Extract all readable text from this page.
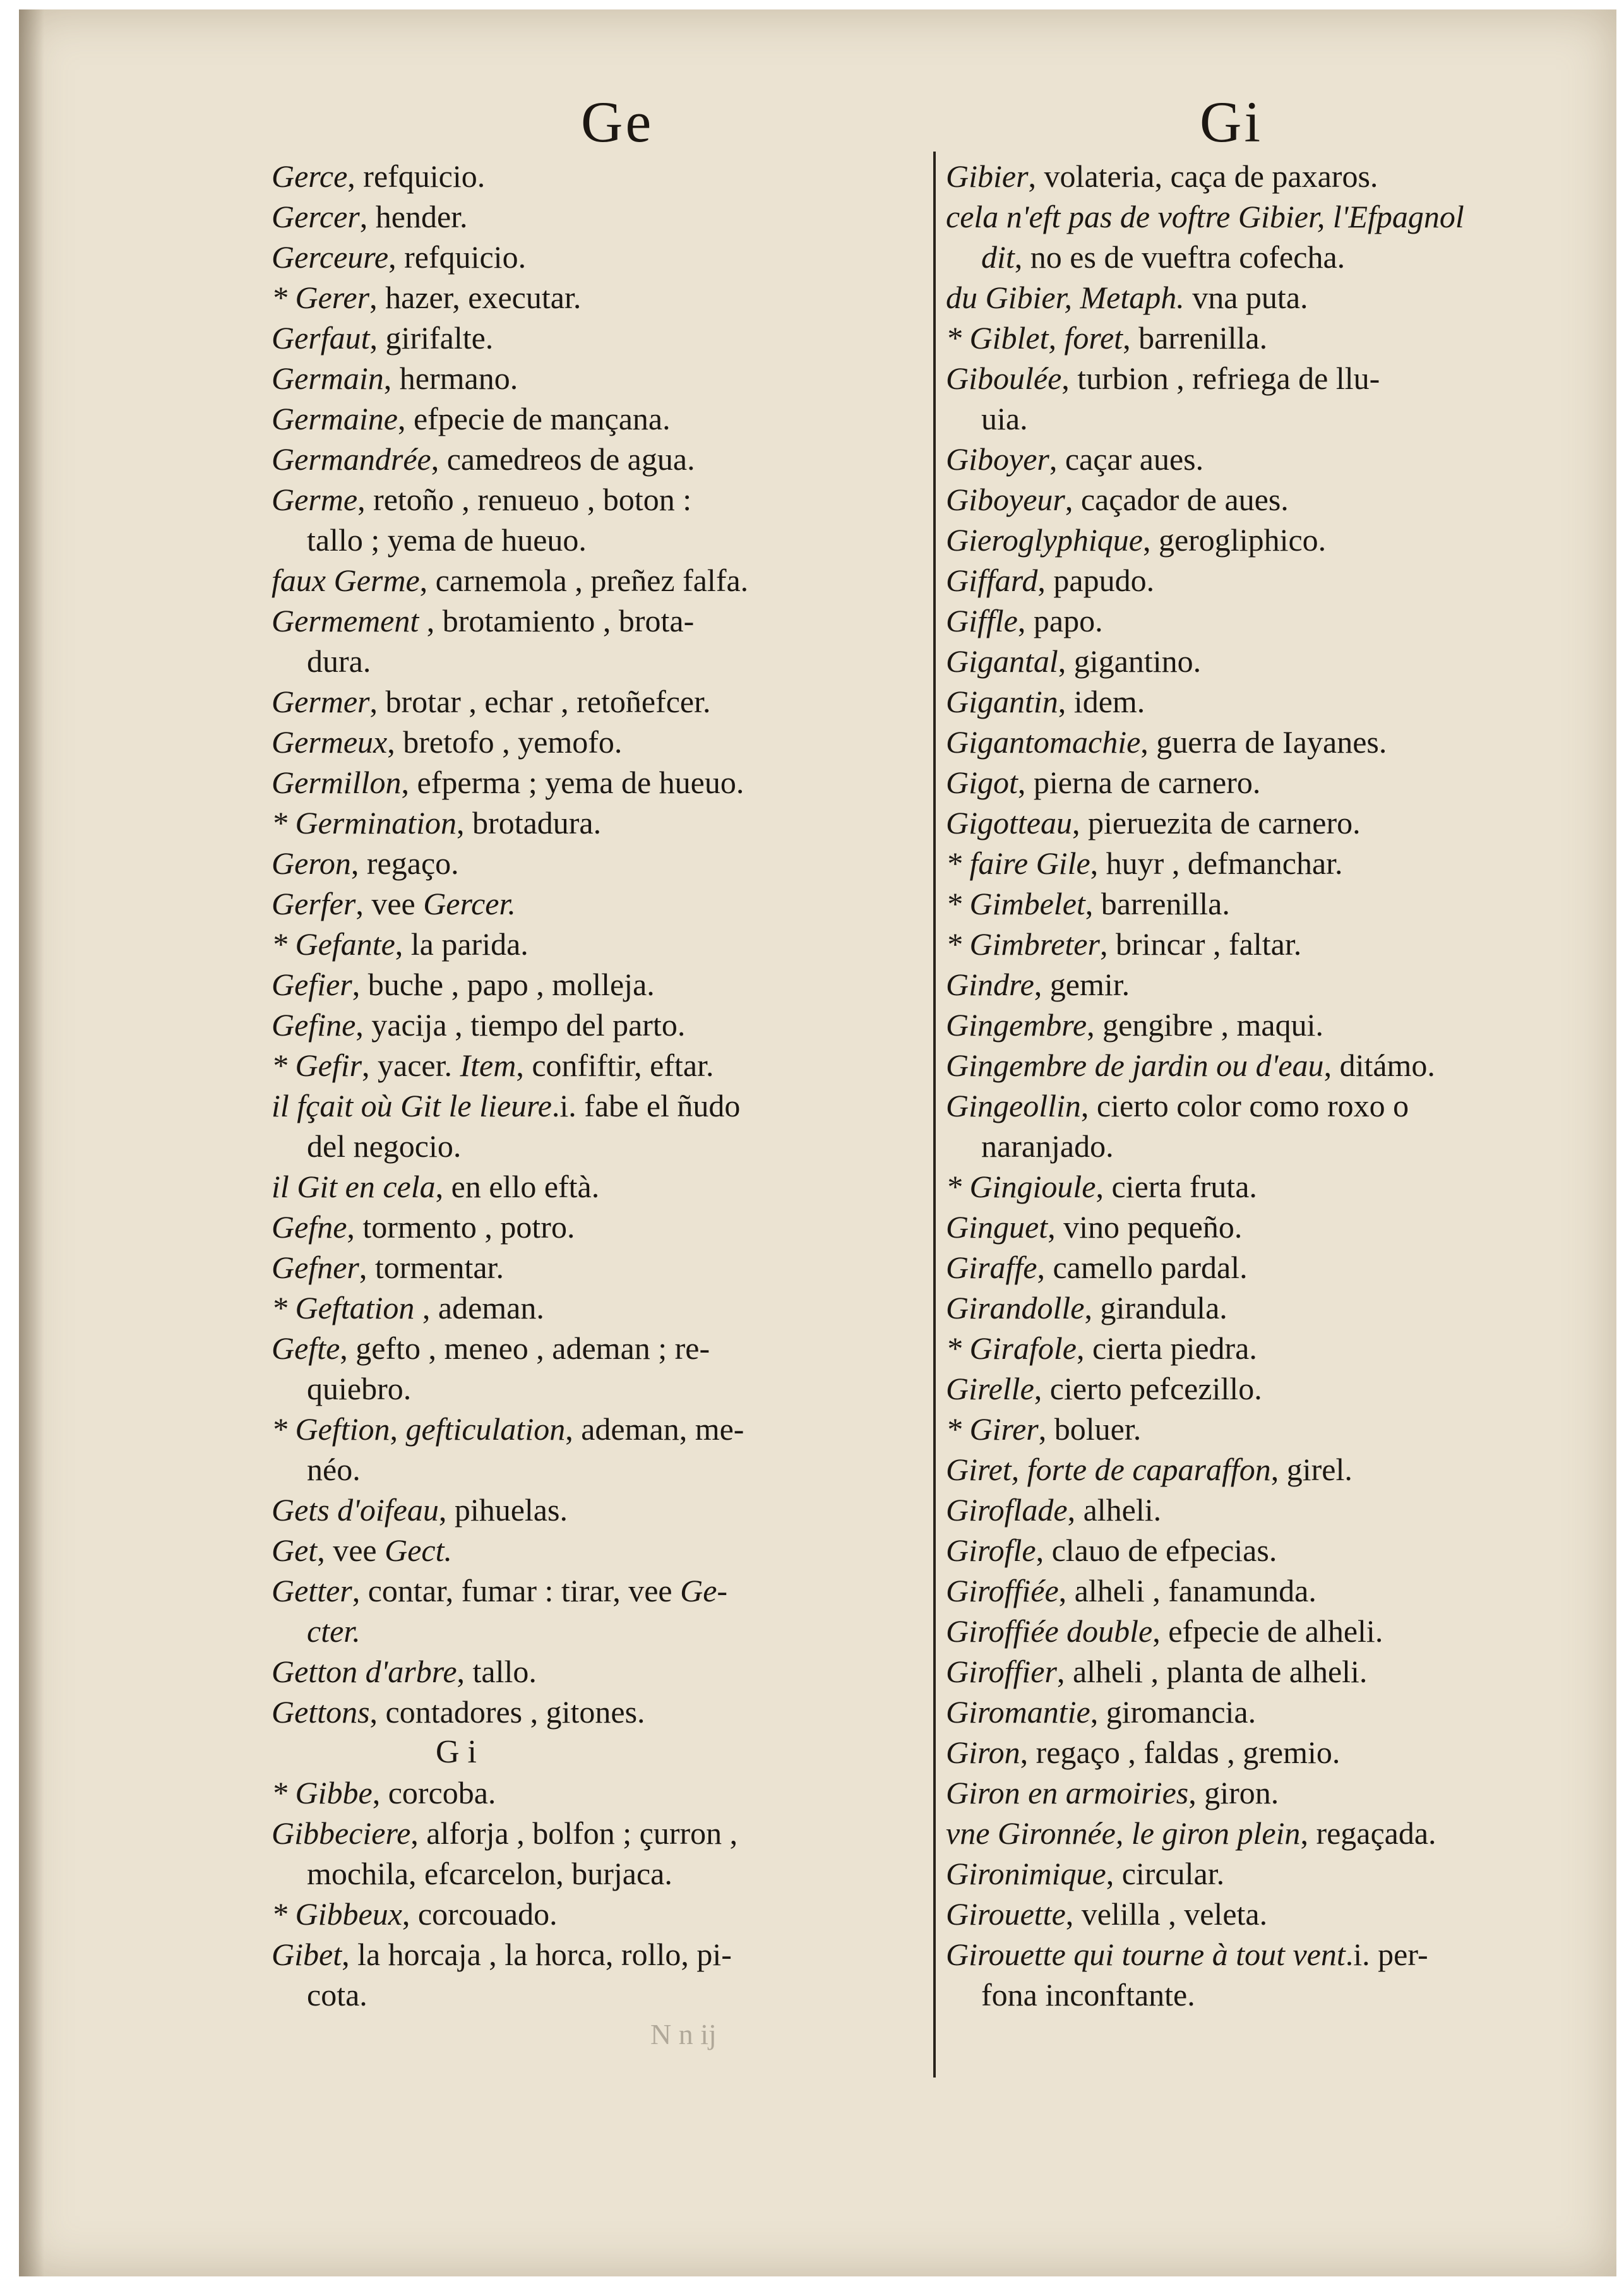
Ge	Gi
Gerce, refquicio.
Gercer, hender.
Gerceure, refquicio.
* Gerer, hazer, executar.
Gerfaut, girifalte.
Germain, hermano.
Germaine, efpecie de mançana.
Germandrée, camedreos de agua.
Germe, retoño , renueuo , boton :
tallo ; yema de hueuo.
faux Germe, carnemola , preñez falfa.
Germement , brotamiento , brota-
dura.
Germer, brotar , echar , retoñefcer.
Germeux, bretofo , yemofo.
Germillon, efperma ; yema de hueuo.
* Germination, brotadura.
Geron, regaço.
Gerfer, vee Gercer.
* Gefante, la parida.
Gefier, buche , papo , molleja.
Gefine, yacija , tiempo del parto.
* Gefir, yacer. Item, confiftir, eftar.
il fçait où Git le lieure.i. fabe el ñudo
del negocio.
il Git en cela, en ello eftà.
Gefne, tormento , potro.
Gefner, tormentar.
* Geftation , ademan.
Gefte, gefto , meneo , ademan ; re-
quiebro.
* Geftion, gefticulation, ademan, me-
néo.
Gets d'oifeau, pihuelas.
Get, vee Gect.
Getter, contar, fumar : tirar, vee Ge-
cter.
Getton d'arbre, tallo.
Gettons, contadores , gitones.
G i
* Gibbe, corcoba.
Gibbeciere, alforja , bolfon ; çurron ,
mochila, efcarcelon, burjaca.
* Gibbeux, corcouado.
Gibet, la horcaja , la horca, rollo, pi-
cota.
Gibier, volateria, caça de paxaros.
cela n'eft pas de voftre Gibier, l'Efpagnol
dit, no es de vueftra cofecha.
du Gibier, Metaph. vna puta.
* Giblet, foret, barrenilla.
Giboulée, turbion , refriega de llu-
uia.
Giboyer, caçar aues.
Giboyeur, caçador de aues.
Gieroglyphique, gerogliphico.
Giffard, papudo.
Giffle, papo.
Gigantal, gigantino.
Gigantin, idem.
Gigantomachie, guerra de Iayanes.
Gigot, pierna de carnero.
Gigotteau, pieruezita de carnero.
* faire Gile, huyr , defmanchar.
* Gimbelet, barrenilla.
* Gimbreter, brincar , faltar.
Gindre, gemir.
Gingembre, gengibre , maqui.
Gingembre de jardin ou d'eau, ditámo.
Gingeollin, cierto color como roxo o
naranjado.
* Gingioule, cierta fruta.
Ginguet, vino pequeño.
Giraffe, camello pardal.
Girandolle, girandula.
* Girafole, cierta piedra.
Girelle, cierto pefcezillo.
* Girer, boluer.
Giret, forte de caparaffon, girel.
Giroflade, alheli.
Girofle, clauo de efpecias.
Giroffiée, alheli , fanamunda.
Giroffiée double, efpecie de alheli.
Giroffier, alheli , planta de alheli.
Giromantie, giromancia.
Giron, regaço , faldas , gremio.
Giron en armoiries, giron.
vne Gironnée, le giron plein, regaçada.
Gironimique, circular.
Girouette, velilla , veleta.
Girouette qui tourne à tout vent.i. per-
fona inconftante.
N n ij
